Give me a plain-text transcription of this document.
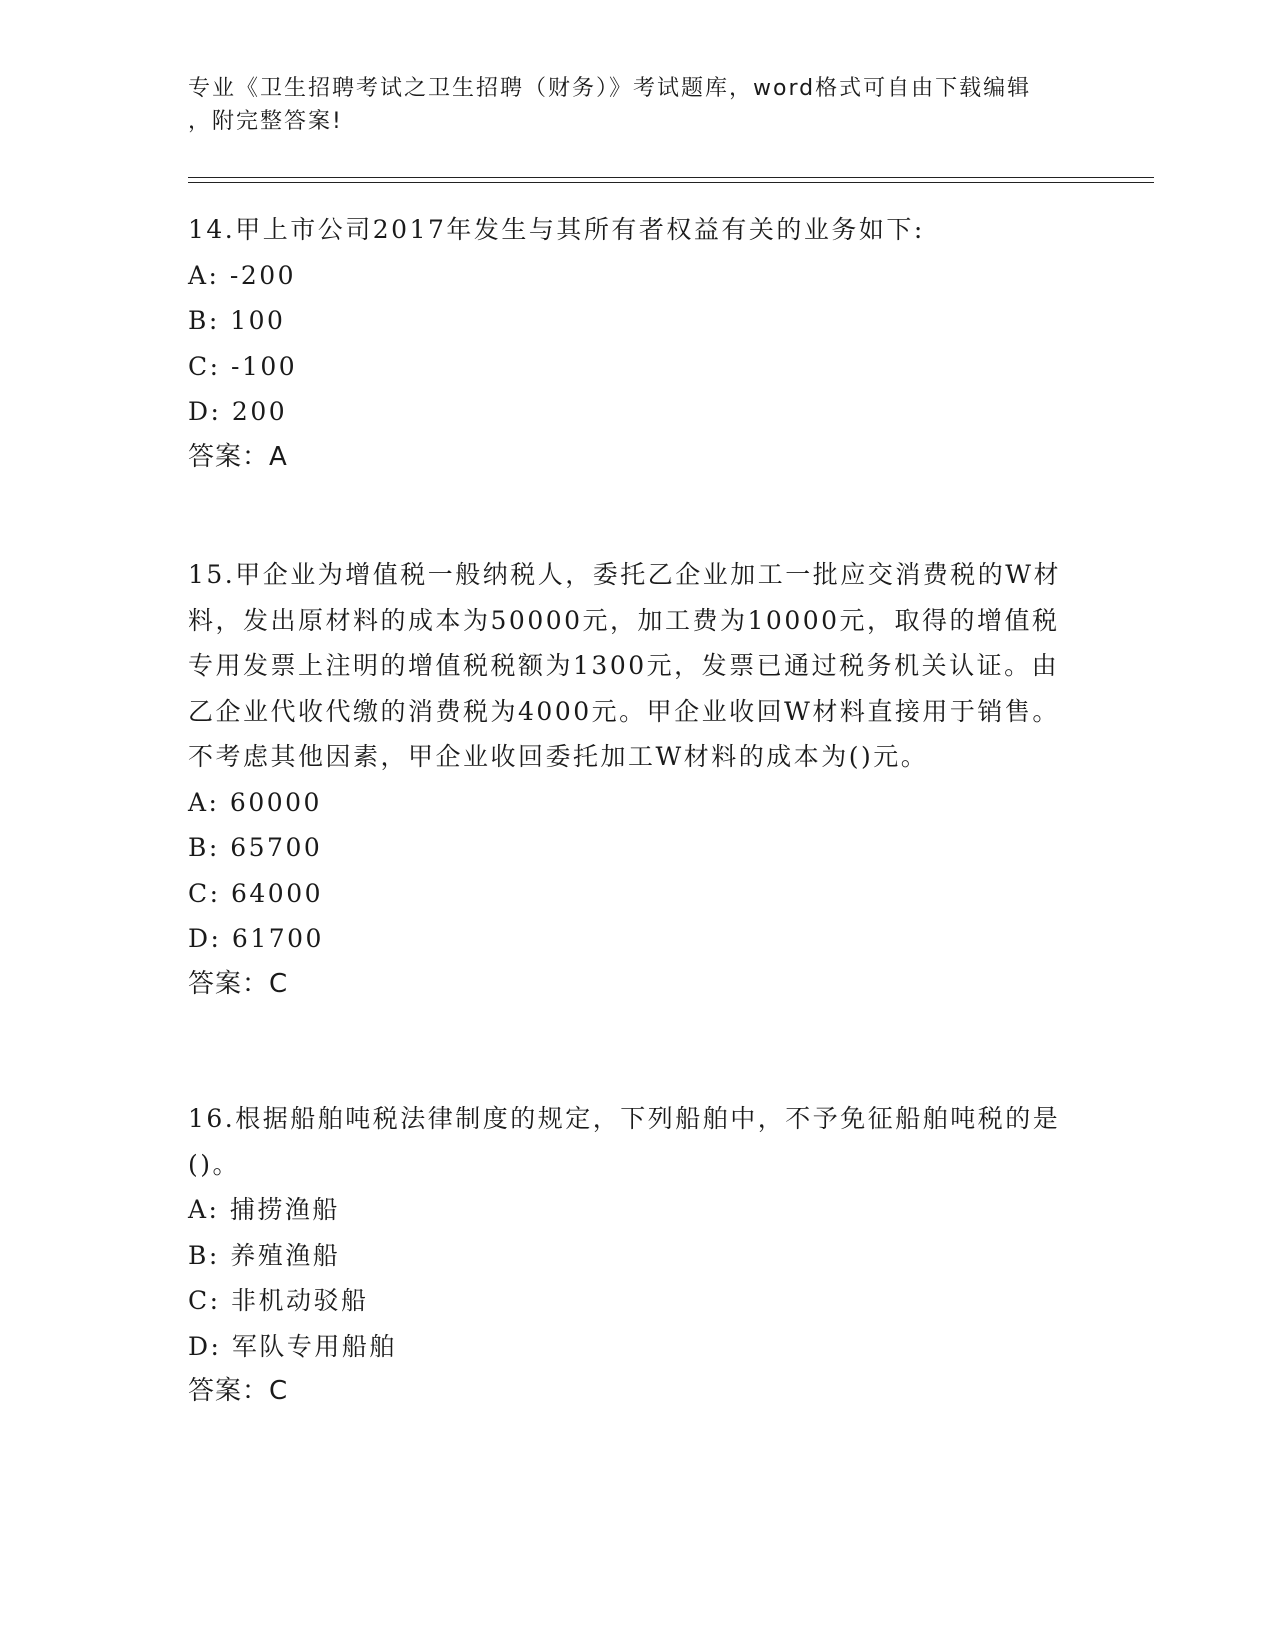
专业《卫生招聘考试之卫生招聘（财务）》考试题库，word格式可自由下载编辑
，附完整答案!

14.甲上市公司2017年发生与其所有者权益有关的业务如下:

A: -200

B: 100

C: -100

D: 200

答案：A

15.甲企业为增值税一般纳税人，委托乙企业加工一批应交消费税的W材料，发出原材料的成本为50000元，加工费为10000元，取得的增值税专用发票上注明的增值税税额为1300元，发票已通过税务机关认证。由乙企业代收代缴的消费税为4000元。甲企业收回W材料直接用于销售。不考虑其他因素，甲企业收回委托加工W材料的成本为()元。

A: 60000

B: 65700

C: 64000

D: 61700

答案：C

16.根据船舶吨税法律制度的规定，下列船舶中，不予免征船舶吨税的是()。

A: 捕捞渔船

B: 养殖渔船

C: 非机动驳船

D: 军队专用船舶

答案：C
